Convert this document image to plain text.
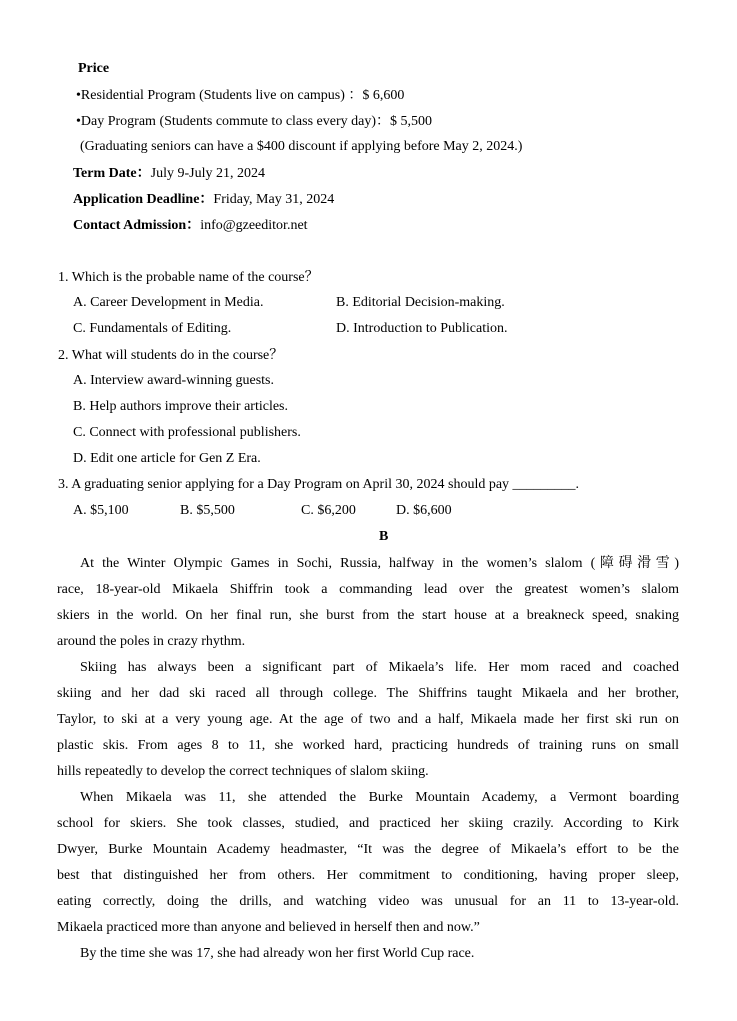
Price
•Residential Program (Students live on campus) ：$ 6,600
•Day Program (Students commute to class every day)：$ 5,500
(Graduating seniors can have a $400 discount if applying before May 2, 2024.)
Term Date：July 9-July 21, 2024
Application Deadline：Friday, May 31, 2024
Contact Admission：info@gzeeditor.net
1. Which is the probable name of the course？
A. Career Development in Media.	B. Editorial Decision-making.
C. Fundamentals of Editing.	D. Introduction to Publication.
2. What will students do in the course？
A. Interview award-winning guests.
B. Help authors improve their articles.
C. Connect with professional publishers.
D. Edit one article for Gen Z Era.
3. A graduating senior applying for a Day Program on April 30, 2024 should pay _________.
A. $5,100	B. $5,500	C. $6,200	D. $6,600
B
At the Winter Olympic Games in Sochi, Russia, halfway in the women’s slalom (障碍滑雪)
race, 18-year-old Mikaela Shiffrin took a commanding lead over the greatest women’s slalom
skiers in the world. On her final run, she burst from the start house at a breakneck speed, snaking
around the poles in crazy rhythm.
Skiing has always been a significant part of Mikaela’s life. Her mom raced and coached
skiing and her dad ski raced all through college. The Shiffrins taught Mikaela and her brother,
Taylor, to ski at a very young age. At the age of two and a half, Mikaela made her first ski run on
plastic skis. From ages 8 to 11, she worked hard, practicing hundreds of training runs on small
hills repeatedly to develop the correct techniques of slalom skiing.
When Mikaela was 11, she attended the Burke Mountain Academy, a Vermont boarding
school for skiers. She took classes, studied, and practiced her skiing crazily. According to Kirk
Dwyer, Burke Mountain Academy headmaster, “It was the degree of Mikaela’s effort to be the
best that distinguished her from others. Her commitment to conditioning, having proper sleep,
eating correctly, doing the drills, and watching video was unusual for an 11 to 13-year-old.
Mikaela practiced more than anyone and believed in herself then and now.”
By the time she was 17, she had already won her first World Cup race.
